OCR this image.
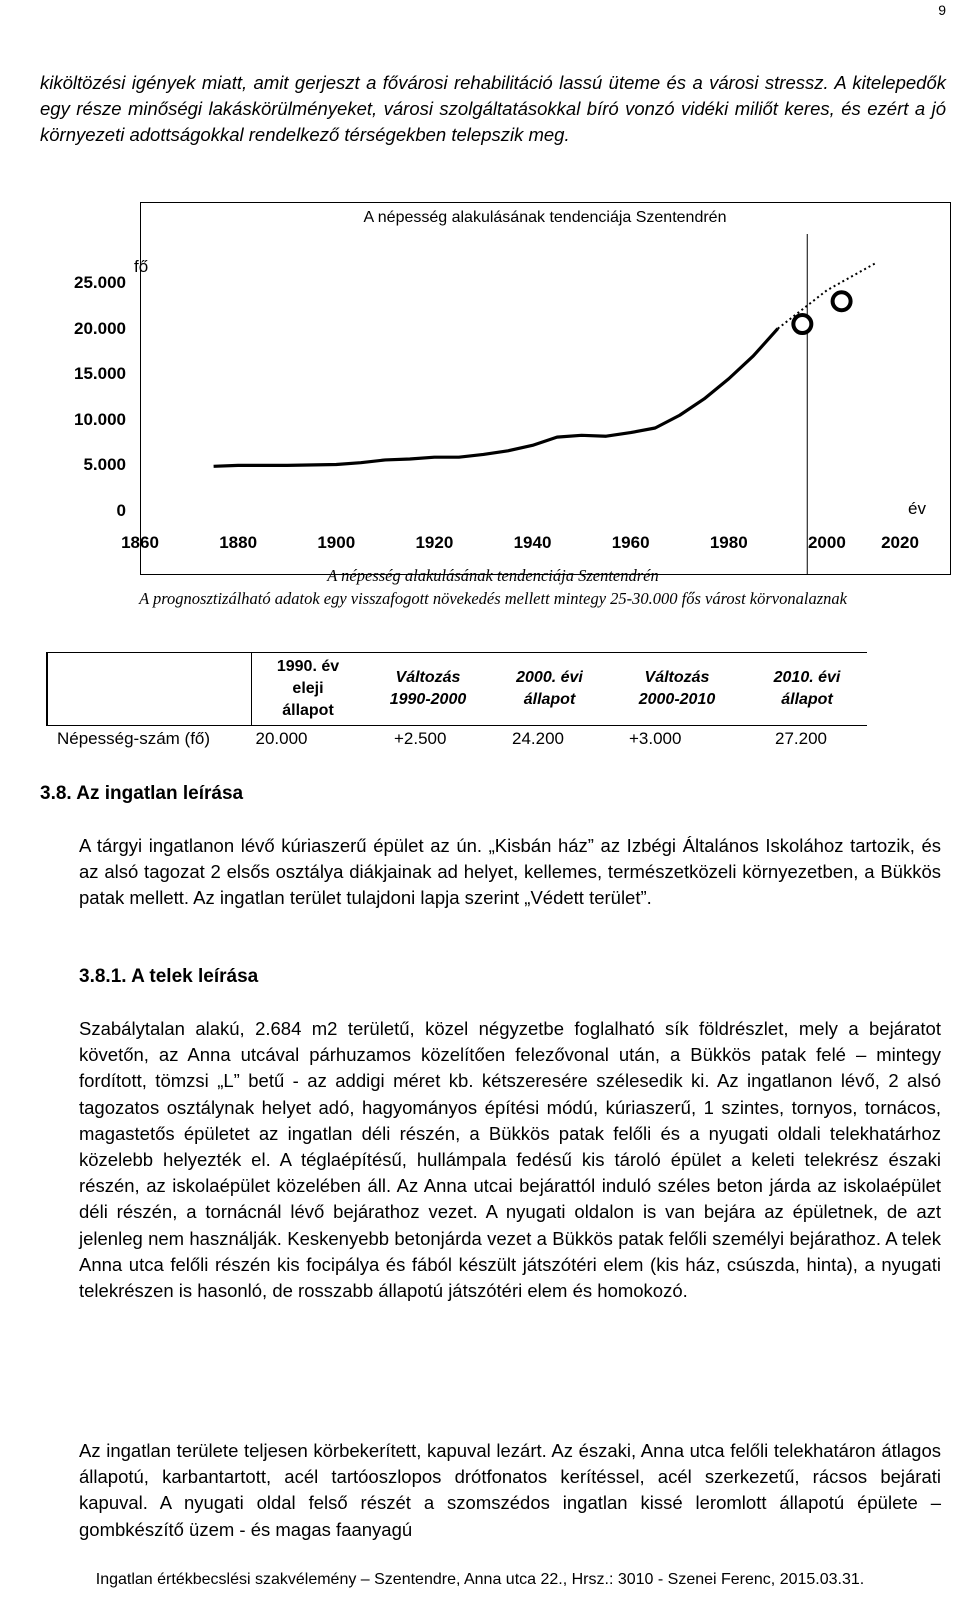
9
kiköltözési igények miatt, amit gerjeszt a fővárosi rehabilitáció lassú üteme és a városi stressz. A kitelepedők egy része minőségi lakáskörülményeket, városi szolgáltatásokkal bíró vonzó vidéki miliőt keres, és ezért a jó környezeti adottságokkal rendelkező térségekben telepszik meg.
A népesség alakulásának tendenciája Szentendrén
fő
év
25.000
20.000
15.000
10.000
5.000
0
1860	1880	1900	1920	1940	1960	1980	2000	2020
A népesség alakulásának tendenciája Szentendrén
A prognosztizálható adatok egy visszafogott növekedés mellett mintegy 25-30.000 fős várost körvonalaznak

	1990. év eleji állapot	Változás 1990-2000	2000. évi állapot	Változás 2000-2010	2010. évi állapot

Népesség-szám (fő)	20.000	+2.500	24.200	+3.000	27.200
3.8. Az ingatlan leírása
A tárgyi ingatlanon lévő kúriaszerű épület az ún. „Kisbán ház” az Izbégi Általános Iskolához tartozik, és az alsó tagozat 2 elsős osztálya diákjainak ad helyet, kellemes, természetközeli környezetben, a Bükkös patak mellett. Az ingatlan terület tulajdoni lapja szerint „Védett terület”.
3.8.1. A telek leírása
Szabálytalan alakú, 2.684 m2 területű, közel négyzetbe foglalható sík földrészlet, mely a bejáratot követőn, az Anna utcával párhuzamos közelítően felezővonal után, a Bükkös patak felé – mintegy fordított, tömzsi „L” betű - az addigi méret kb. kétszeresére szélesedik ki. Az ingatlanon lévő, 2 alsó tagozatos osztálynak helyet adó, hagyományos építési módú, kúriaszerű, 1 szintes, tornyos, tornácos, magastetős épületet az ingatlan déli részén, a Bükkös patak felőli és a nyugati oldali telekhatárhoz közelebb helyezték el. A téglaépítésű, hullámpala fedésű kis tároló épület a keleti telekrész északi részén, az iskolaépület közelében áll. Az Anna utcai bejárattól induló széles beton járda az iskolaépület déli részén, a tornácnál lévő bejárathoz vezet. A nyugati oldalon is van bejára az épületnek, de azt jelenleg nem használják. Keskenyebb betonjárda vezet a Bükkös patak felőli személyi bejárathoz. A telek Anna utca felőli részén kis focipálya és fából készült játszótéri elem (kis ház, csúszda, hinta), a nyugati telekrészen is hasonló, de rosszabb állapotú játszótéri elem és homokozó.
Az ingatlan területe teljesen körbekerített, kapuval lezárt. Az északi, Anna utca felőli telekhatáron átlagos állapotú, karbantartott, acél tartóoszlopos drótfonatos kerítéssel, acél szerkezetű, rácsos bejárati kapuval. A nyugati oldal felső részét a szomszédos ingatlan kissé leromlott állapotú épülete – gombkészítő üzem - és magas faanyagú
Ingatlan értékbecslési szakvélemény – Szentendre, Anna utca 22., Hrsz.: 3010 - Szenei Ferenc, 2015.03.31.
